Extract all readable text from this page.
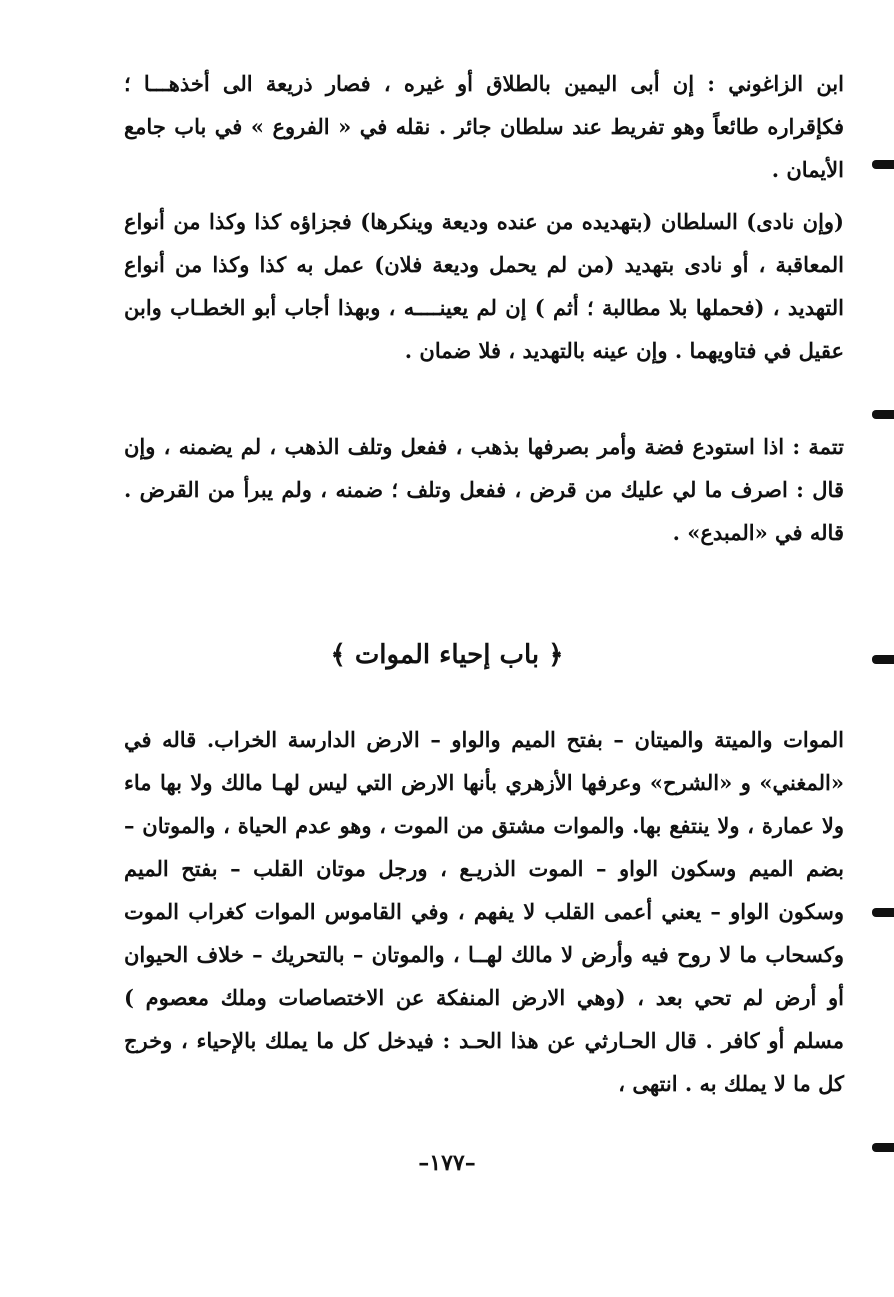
ابن الزاغوني : إن أبى اليمين بالطلاق أو غيره ، فصار ذريعة الى أخذهـــا ؛ فكإقراره طائعاً وهو تفريط عند سلطان جائر . نقله في « الفروع » في باب جامع الأيمان .

(وإن نادى) السلطان (بتهديده من عنده وديعة وينكرها) فجزاؤه كذا وكذا من أنواع المعاقبة ، أو نادى بتهديد (من لم يحمل وديعة فلان) عمل به كذا وكذا من أنواع التهديد ، (فحملها بلا مطالبة ؛ أثم ) إن لم يعينــــه ، وبهذا أجاب أبو الخطـاب وابن عقيل في فتاويهما . وإن عينه بالتهديد ، فلا ضمان .

تتمة : اذا استودع فضة وأمر بصرفها بذهب ، ففعل وتلف الذهب ، لم يضمنه ، وإن قال : اصرف ما لي عليك من قرض ، ففعل وتلف ؛ ضمنه ، ولم يبرأ من القرض . قاله في «المبدع» .

﴿ باب إحياء الموات ﴾

الموات والميتة والميتان – بفتح الميم والواو – الارض الدارسة الخراب. قاله في «المغني» و «الشرح» وعرفها الأزهري بأنها الارض التي ليس لهـا مالك ولا بها ماء ولا عمارة ، ولا ينتفع بها. والموات مشتق من الموت ، وهو عدم الحياة ، والموتان – بضم الميم وسكون الواو – الموت الذريـع ، ورجل موتان القلب – بفتح الميم وسكون الواو – يعني أعمى القلب لا يفهم ، وفي القاموس الموات كغراب الموت وكسحاب ما لا روح فيه وأرض لا مالك لهــا ، والموتان – بالتحريك – خلاف الحيوان أو أرض لم تحي بعد ، (وهي الارض المنفكة عن الاختصاصات وملك معصوم ) مسلم أو كافر . قال الحـارثي عن هذا الحـد : فيدخل كل ما يملك بالإحياء ، وخرج كل ما لا يملك به . انتهى ،

–١٧٧–
